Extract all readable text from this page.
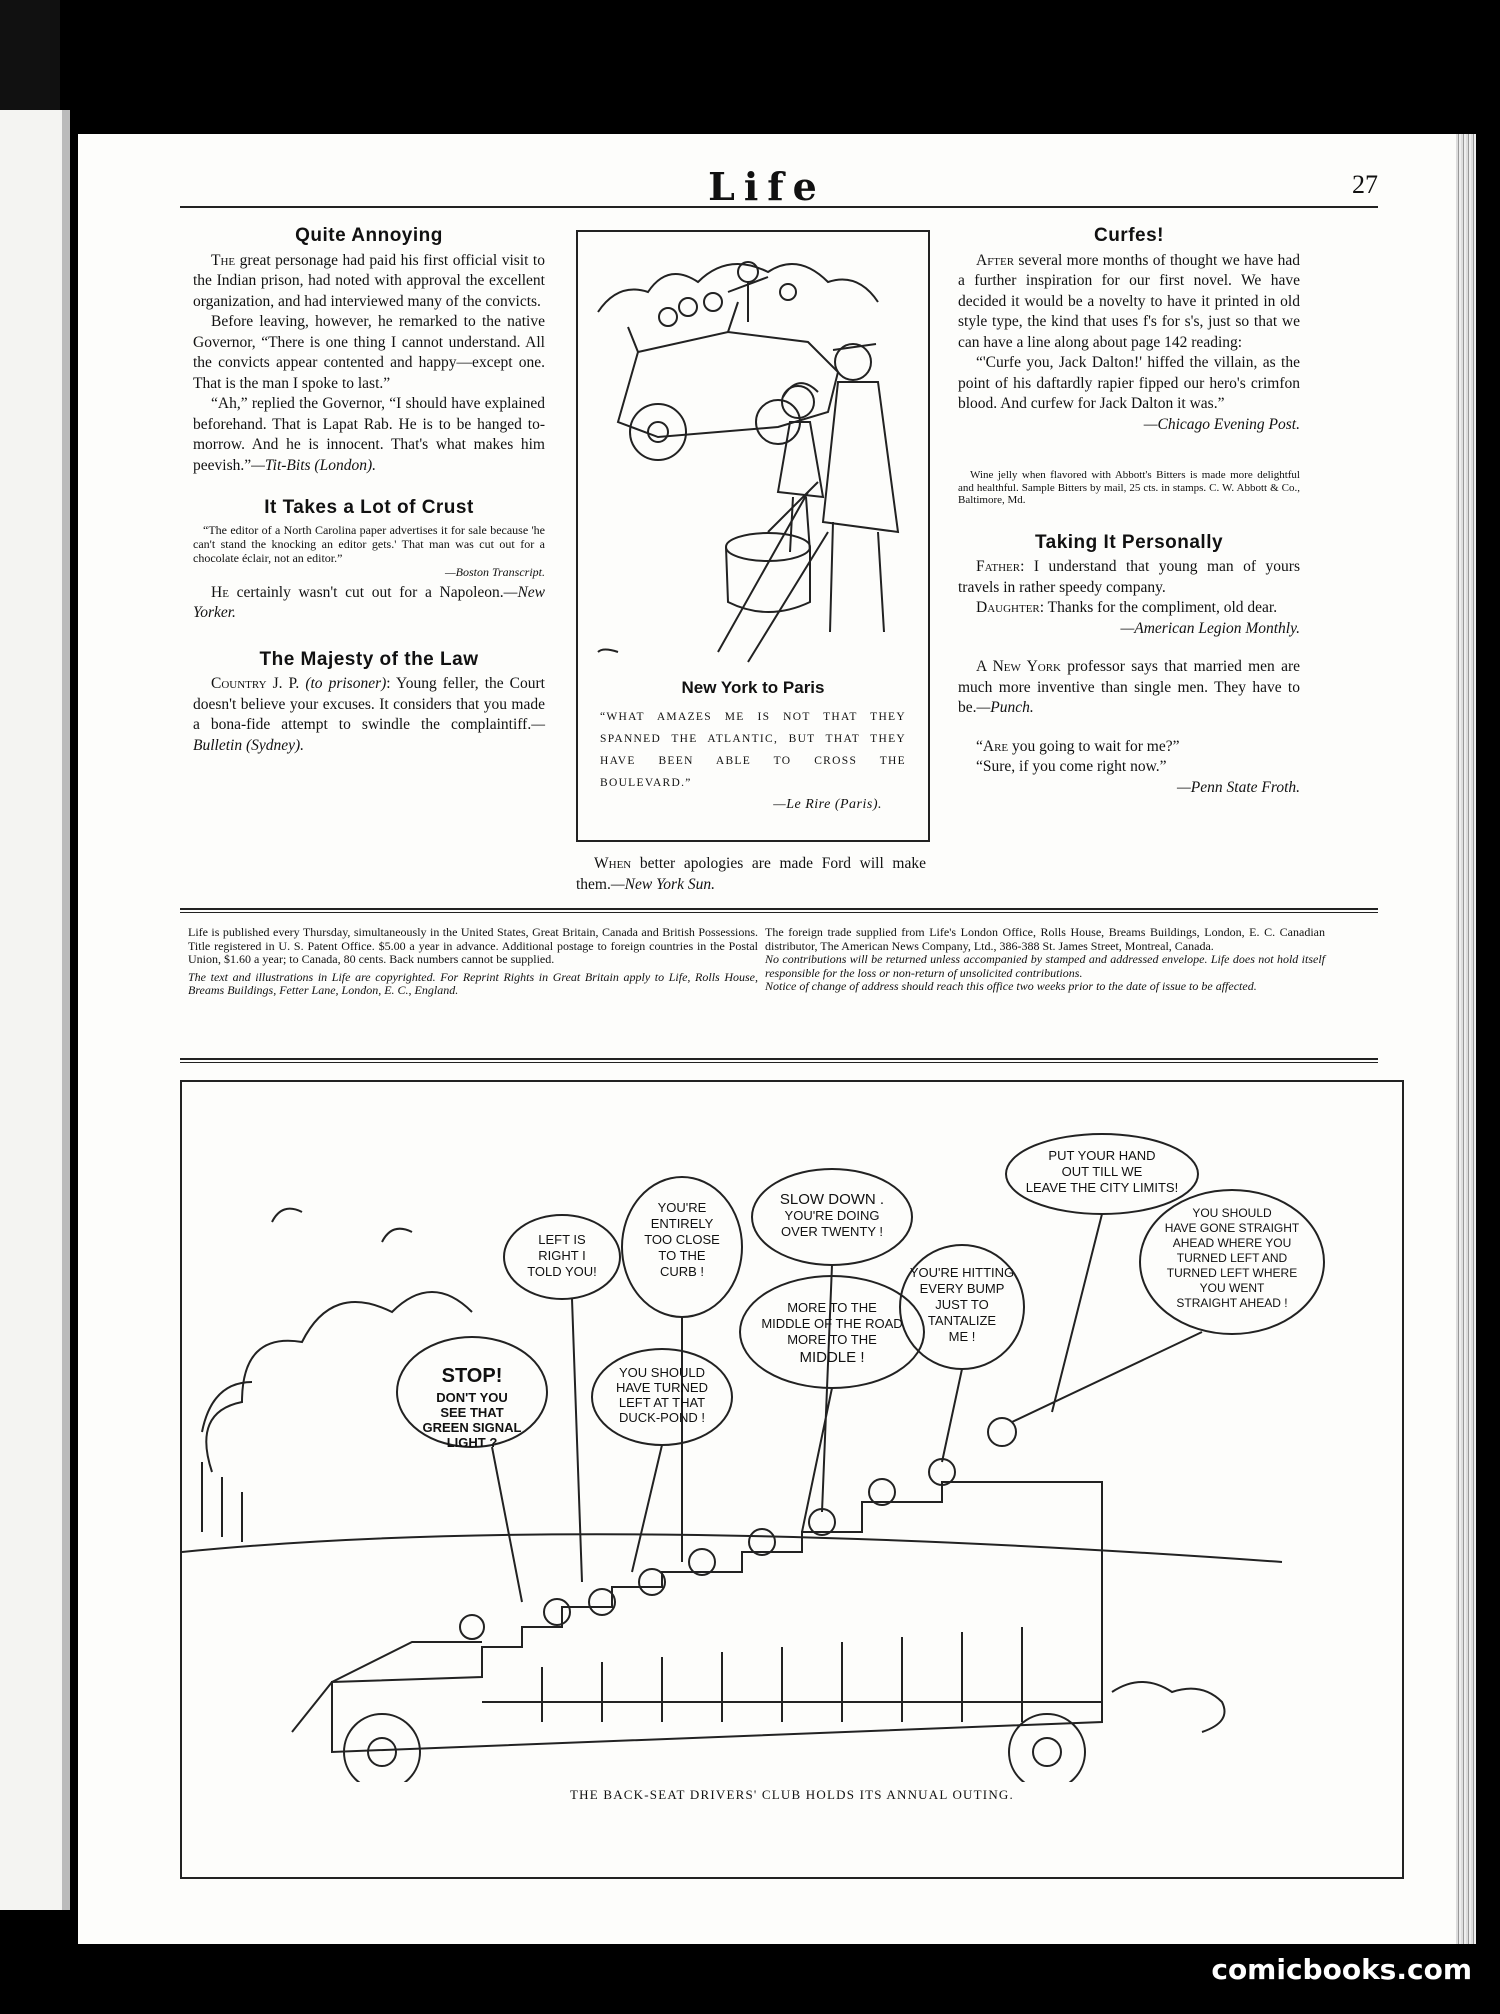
Life	27
Quite Annoying

The great personage had paid his first official visit to the Indian prison, had noted with approval the excellent organization, and had interviewed many of the convicts.

Before leaving, however, he remarked to the native Governor, “There is one thing I cannot understand. All the convicts appear contented and happy—except one. That is the man I spoke to last.”

“Ah,” replied the Governor, “I should have explained beforehand. That is Lapat Rab. He is to be hanged to-morrow. And he is innocent. That's what makes him peevish.”—Tit-Bits (London).

It Takes a Lot of Crust

“The editor of a North Carolina paper advertises it for sale because 'he can't stand the knocking an editor gets.' That man was cut out for a chocolate éclair, not an editor.”

—Boston Transcript.

He certainly wasn't cut out for a Napoleon.—New Yorker.

The Majesty of the Law

Country J. P. (to prisoner): Young feller, the Court doesn't believe your excuses. It considers that you made a bona-fide attempt to swindle the complaintiff.—Bulletin (Sydney).

New York to Paris
“WHAT AMAZES ME IS NOT THAT THEY SPANNED THE ATLANTIC, BUT THAT THEY HAVE BEEN ABLE TO CROSS THE BOULEVARD.”
—Le Rire (Paris).

When better apologies are made Ford will make them.—New York Sun.

Curfes!

After several more months of thought we have had a further inspiration for our first novel. We have decided it would be a novelty to have it printed in old style type, the kind that uses f's for s's, just so that we can have a line along about page 142 reading:

“'Curfe you, Jack Dalton!' hiffed the villain, as the point of his daftardly rapier fipped our hero's crimfon blood. And curfew for Jack Dalton it was.”

—Chicago Evening Post.

Wine jelly when flavored with Abbott's Bitters is made more delightful and healthful. Sample Bitters by mail, 25 cts. in stamps. C. W. Abbott & Co., Baltimore, Md.

Taking It Personally

Father: I understand that young man of yours travels in rather speedy company.

Daughter: Thanks for the compliment, old dear.

—American Legion Monthly.

A New York professor says that married men are much more inventive than single men. They have to be.—Punch.

“Are you going to wait for me?”

“Sure, if you come right now.”

—Penn State Froth.
Life is published every Thursday, simultaneously in the United States, Great Britain, Canada and British Possessions. Title registered in U. S. Patent Office. $5.00 a year in advance. Additional postage to foreign countries in the Postal Union, $1.60 a year; to Canada, 80 cents. Back numbers cannot be supplied.
The text and illustrations in Life are copyrighted. For Reprint Rights in Great Britain apply to Life, Rolls House, Breams Buildings, Fetter Lane, London, E. C., England.
The foreign trade supplied from Life's London Office, Rolls House, Breams Buildings, London, E. C. Canadian distributor, The American News Company, Ltd., 386-388 St. James Street, Montreal, Canada.
No contributions will be returned unless accompanied by stamped and addressed envelope. Life does not hold itself responsible for the loss or non-return of unsolicited contributions.
Notice of change of address should reach this office two weeks prior to the date of issue to be affected.
STOP!
DON'T YOU
SEE THAT
GREEN SIGNAL
LIGHT ?
LEFT IS
RIGHT I
TOLD YOU!
YOU'RE
ENTIRELY
TOO CLOSE
TO THE
CURB !
YOU SHOULD
HAVE TURNED
LEFT AT THAT
DUCK-POND !
SLOW DOWN .
YOU'RE DOING
OVER TWENTY !
MORE TO THE
MIDDLE OF THE ROAD
MORE TO THE
MIDDLE !
YOU'RE HITTING
EVERY BUMP
JUST TO
TANTALIZE
ME !
PUT YOUR HAND
OUT TILL WE
LEAVE THE CITY LIMITS!
YOU SHOULD
HAVE GONE STRAIGHT
AHEAD WHERE YOU
TURNED LEFT AND
TURNED LEFT WHERE
YOU WENT
STRAIGHT AHEAD !
THE BACK-SEAT DRIVERS' CLUB HOLDS ITS ANNUAL OUTING.
comicbooks.com
